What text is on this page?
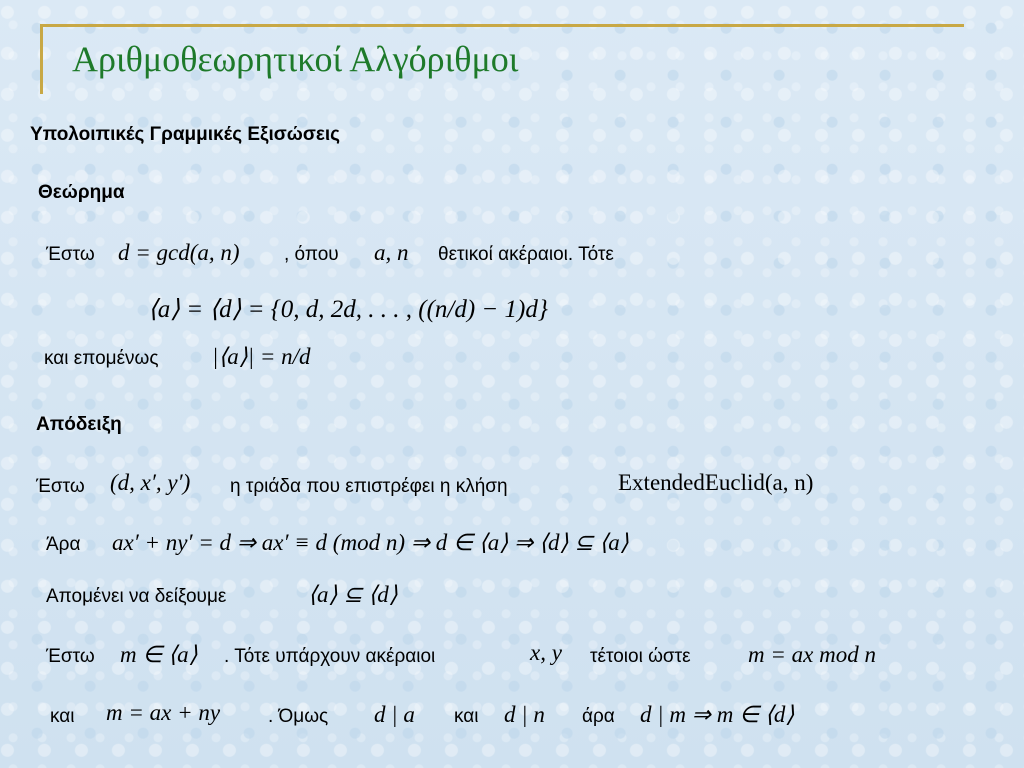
Αριθμοθεωρητικοί Αλγόριθμοι
Υπολοιπικές Γραμμικές Εξισώσεις
Θεώρημα
Έστω d = gcd(a, n) , όπου a, n θετικοί ακέραιοι. Τότε
⟨a⟩ = ⟨d⟩ = {0, d, 2d, . . . , ((n/d) − 1)d}
και επομένως |⟨a⟩| = n/d
Απόδειξη
Έστω (d, x′, y′) η τριάδα που επιστρέφει η κλήση	ExtendedEuclid(a, n)
Άρα ax′ + ny′ = d ⇒ ax′ ≡ d (mod n) ⇒ d ∈ ⟨a⟩ ⇒ ⟨d⟩ ⊆ ⟨a⟩
Απομένει να δείξουμε	⟨a⟩ ⊆ ⟨d⟩
Έστω m ∈ ⟨a⟩ . Τότε υπάρχουν ακέραιοι	x, y τέτοιοι ώστε m = ax mod n
και m = ax + ny	. Όμως d | a και d | n άρα d | m ⇒ m ∈ ⟨d⟩
